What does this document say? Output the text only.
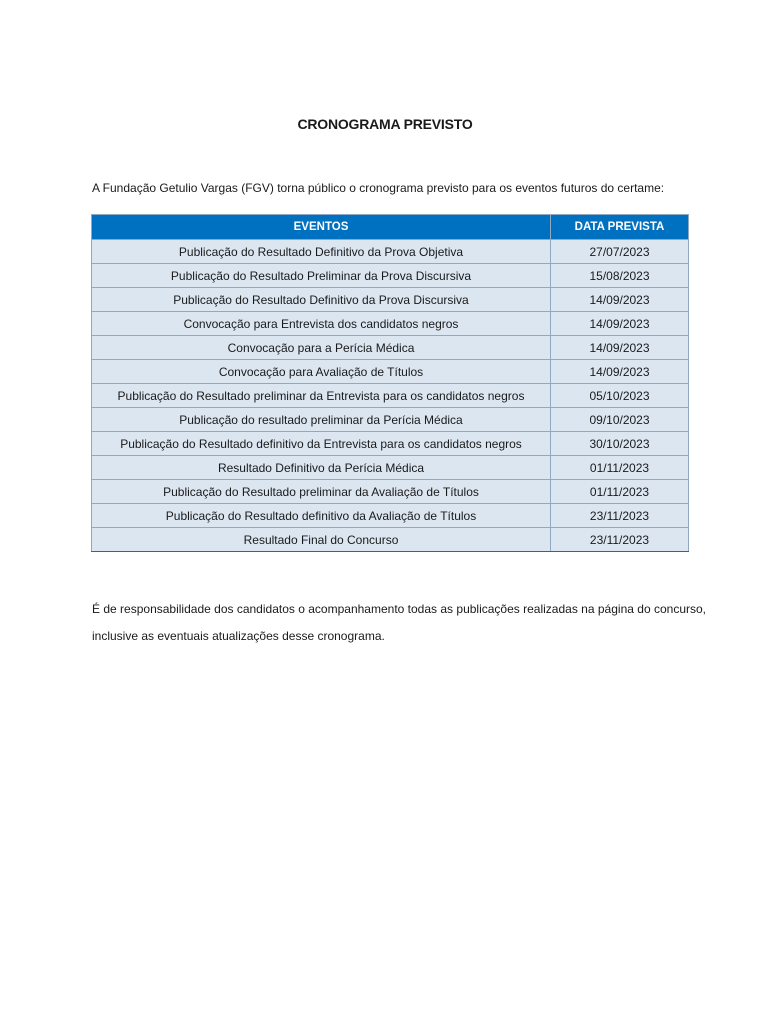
CRONOGRAMA PREVISTO
A Fundação Getulio Vargas (FGV) torna público o cronograma previsto para os eventos futuros do certame:
EVENTOS	DATA PREVISTA
Publicação do Resultado Definitivo da Prova Objetiva	27/07/2023
Publicação do Resultado Preliminar da Prova Discursiva	15/08/2023
Publicação do Resultado Definitivo da Prova Discursiva	14/09/2023
Convocação para Entrevista dos candidatos negros	14/09/2023
Convocação para a Perícia Médica	14/09/2023
Convocação para Avaliação de Títulos	14/09/2023
Publicação do Resultado preliminar da Entrevista para os candidatos negros	05/10/2023
Publicação do resultado preliminar da Perícia Médica	09/10/2023
Publicação do Resultado definitivo da Entrevista para os candidatos negros	30/10/2023
Resultado Definitivo da Perícia Médica	01/11/2023
Publicação do Resultado preliminar da Avaliação de Títulos	01/11/2023
Publicação do Resultado definitivo da Avaliação de Títulos	23/11/2023
Resultado Final do Concurso	23/11/2023
É de responsabilidade dos candidatos o acompanhamento todas as publicações realizadas na página do concurso, inclusive as eventuais atualizações desse cronograma.
